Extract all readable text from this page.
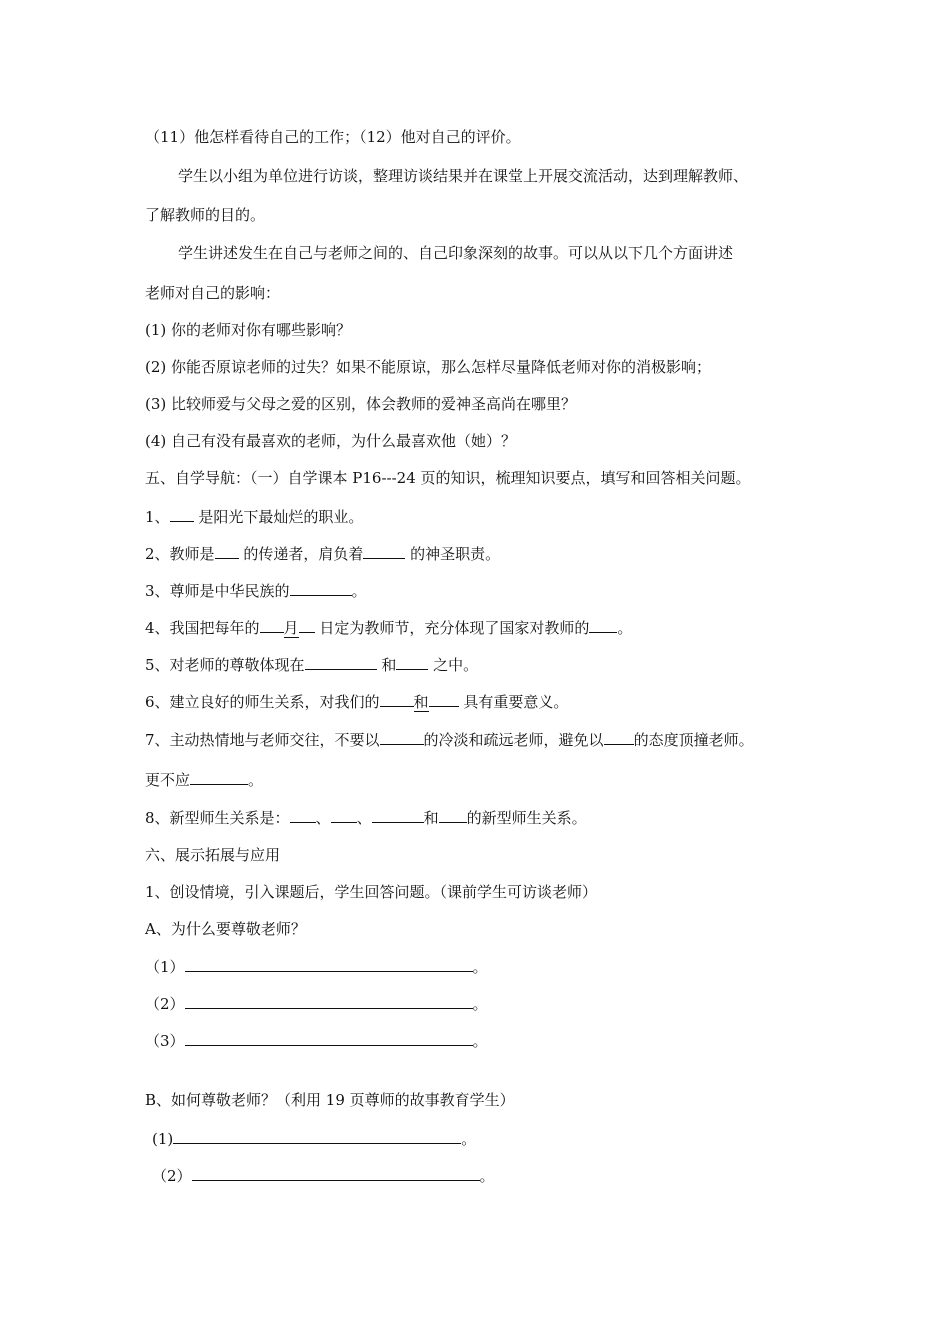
（11）他怎样看待自己的工作；（12）他对自己的评价。
学生以小组为单位进行访谈，整理访谈结果并在课堂上开展交流活动，达到理解教师、
了解教师的目的。
学生讲述发生在自己与老师之间的、自己印象深刻的故事。可以从以下几个方面讲述
老师对自己的影响：
(1) 你的老师对你有哪些影响？
(2) 你能否原谅老师的过失？如果不能原谅，那么怎样尽量降低老师对你的消极影响；
(3) 比较师爱与父母之爱的区别，体会教师的爱神圣高尚在哪里？
(4) 自己有没有最喜欢的老师，为什么最喜欢他（她）？
五、自学导航：（一）自学课本 P16---24 页的知识，梳理知识要点，填写和回答相关问题。
1、 是阳光下最灿烂的职业。
2、教师是 的传递者，肩负着	的神圣职责。
3、尊师是中华民族的	。
4、我国把每年的 月 日定为教师节，充分体现了国家对教师的 。
5、对老师的尊敬体现在	和 之中。
6、建立良好的师生关系，对我们的 和 具有重要意义。
7、主动热情地与老师交往，不要以	的冷淡和疏远老师，避免以 的态度顶撞老师。
更不应	。
8、新型师生关系是： 、 、	和 的新型师生关系。
六、展示拓展与应用
1、创设情境，引入课题后，学生回答问题。（课前学生可访谈老师）
A、为什么要尊敬老师？
（1）	。
（2）	。
（3）	。
B、如何尊敬老师？（利用 19 页尊师的故事教育学生）
(1)	。
（2）	。
